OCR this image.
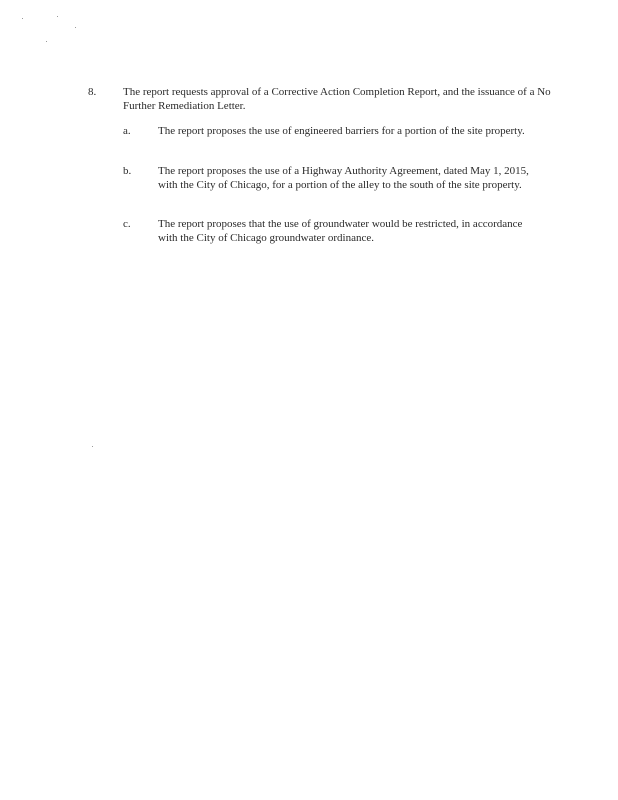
8. The report requests approval of a Corrective Action Completion Report, and the issuance of a No Further Remediation Letter.
a. The report proposes the use of engineered barriers for a portion of the site property.
b. The report proposes the use of a Highway Authority Agreement, dated May 1, 2015, with the City of Chicago, for a portion of the alley to the south of the site property.
c. The report proposes that the use of groundwater would be restricted, in accordance with the City of Chicago groundwater ordinance.
